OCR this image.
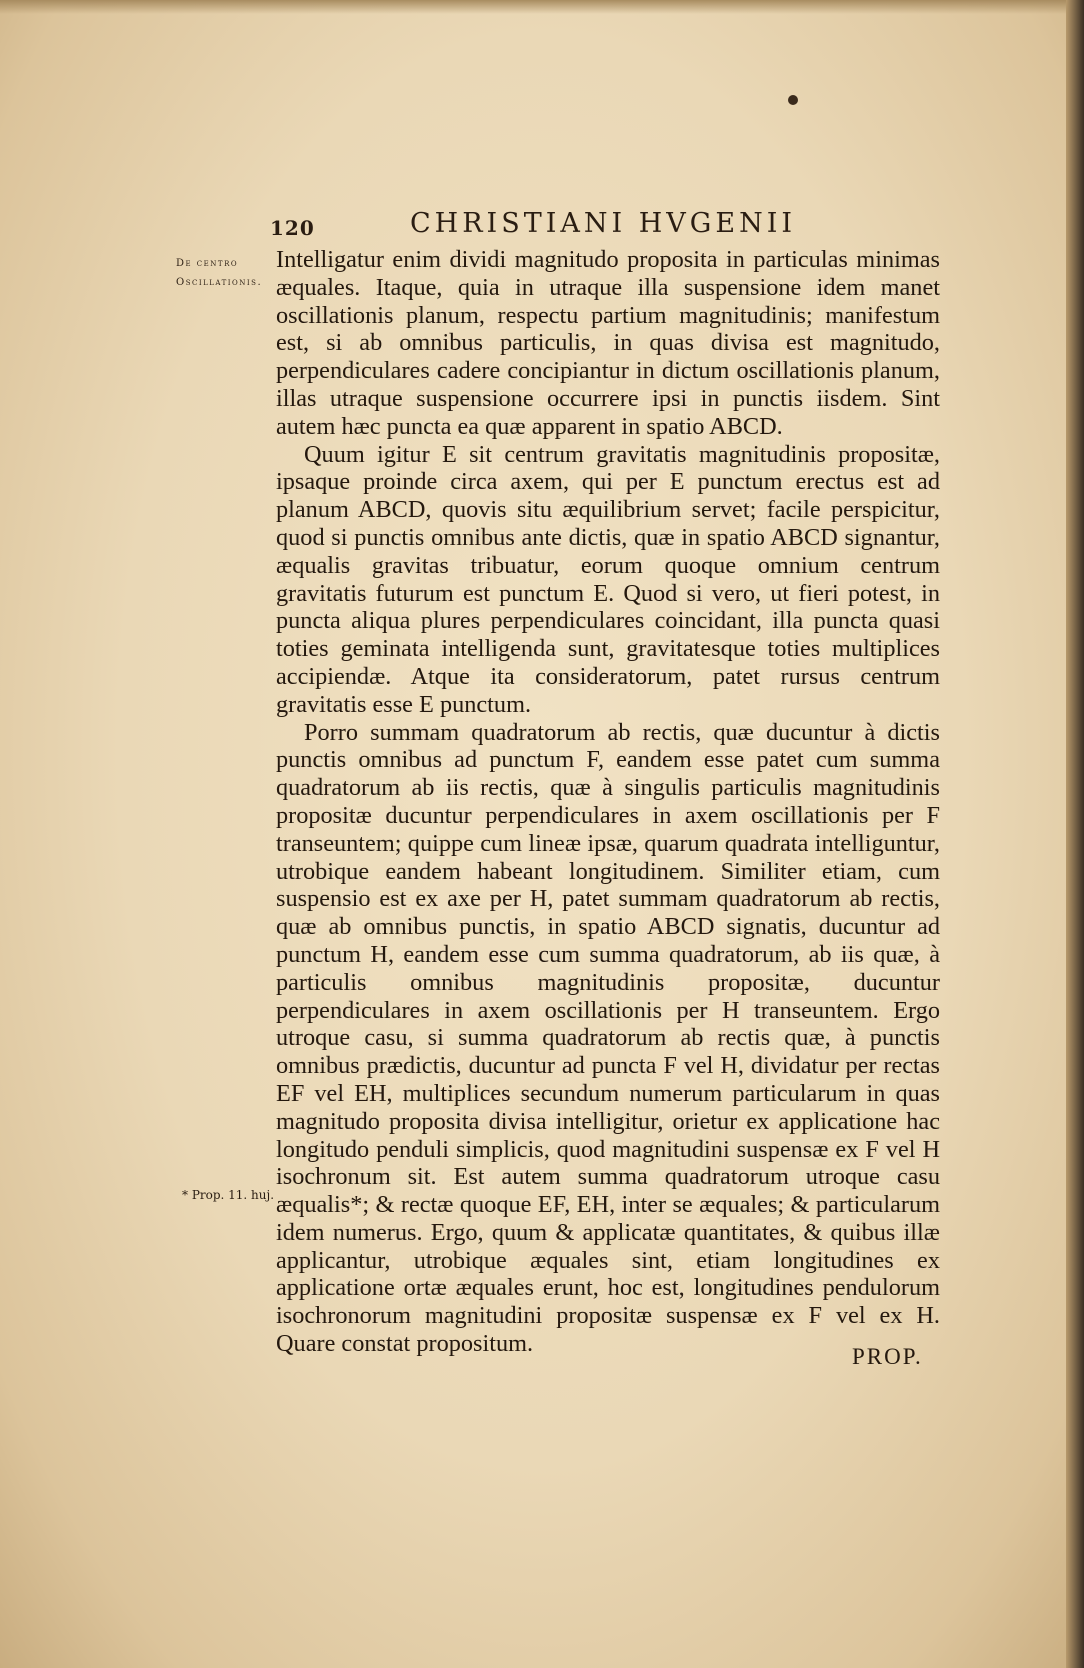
120	CHRISTIANI HVGENII
De centro Oscillationis.
* Prop. 11. huj.

Intelligatur enim dividi magnitudo proposita in particulas minimas æquales. Itaque, quia in utraque illa suspensione idem manet oscillationis planum, respectu partium magnitudinis; manifestum est, si ab omnibus particulis, in quas divisa est magnitudo, perpendiculares cadere concipiantur in dictum oscillationis planum, illas utraque suspensione occurrere ipsi in punctis iisdem. Sint autem hæc puncta ea quæ apparent in spatio ABCD.

Quum igitur E sit centrum gravitatis magnitudinis propositæ, ipsaque proinde circa axem, qui per E punctum erectus est ad planum ABCD, quovis situ æquilibrium servet; facile perspicitur, quod si punctis omnibus ante dictis, quæ in spatio ABCD signantur, æqualis gravitas tribuatur, eorum quoque omnium centrum gravitatis futurum est punctum E. Quod si vero, ut fieri potest, in puncta aliqua plures perpendiculares coincidant, illa puncta quasi toties geminata intelligenda sunt, gravitatesque toties multiplices accipiendæ. Atque ita consideratorum, patet rursus centrum gravitatis esse E punctum.

Porro summam quadratorum ab rectis, quæ ducuntur à dictis punctis omnibus ad punctum F, eandem esse patet cum summa quadratorum ab iis rectis, quæ à singulis particulis magnitudinis propositæ ducuntur perpendiculares in axem oscillationis per F transeuntem; quippe cum lineæ ipsæ, quarum quadrata intelliguntur, utrobique eandem habeant longitudinem. Similiter etiam, cum suspensio est ex axe per H, patet summam quadratorum ab rectis, quæ ab omnibus punctis, in spatio ABCD signatis, ducuntur ad punctum H, eandem esse cum summa quadratorum, ab iis quæ, à particulis omnibus magnitudinis propositæ, ducuntur perpendiculares in axem oscillationis per H transeuntem. Ergo utroque casu, si summa quadratorum ab rectis quæ, à punctis omnibus prædictis, ducuntur ad puncta F vel H, dividatur per rectas EF vel EH, multiplices secundum numerum particularum in quas magnitudo proposita divisa intelligitur, orietur ex applicatione hac longitudo penduli simplicis, quod magnitudini suspensæ ex F vel H isochronum sit. Est autem summa quadratorum utroque casu æqualis*; & rectæ quoque EF, EH, inter se æquales; & particularum idem numerus. Ergo, quum & applicatæ quantitates, & quibus illæ applicantur, utrobique æquales sint, etiam longitudines ex applicatione ortæ æquales erunt, hoc est, longitudines pendulorum isochronorum magnitudini propositæ suspensæ ex F vel ex H. Quare constat propositum.	PROP.
